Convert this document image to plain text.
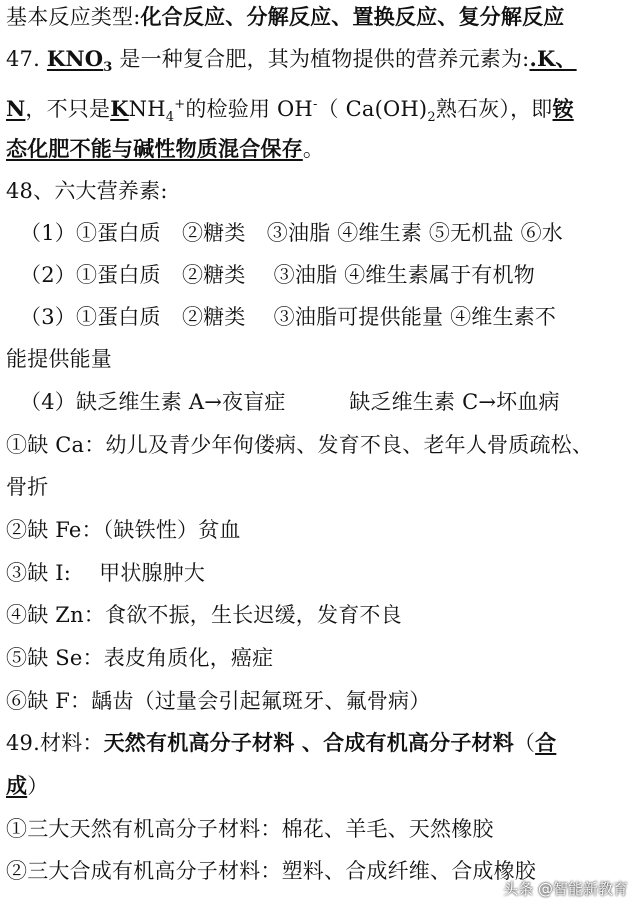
基本反应类型:化合反应、分解反应、置换反应、复分解反应
47. $KNO_3$ 是一种复合肥，其为植物提供的营养元素为:.K、
N，不只是$KNH_4^+$的检验用 OH-（ $Ca(OH)_2$熟石灰），即铵
态化肥不能与碱性物质混合保存。
48、六大营养素:
（1）①蛋白质　②糖类　③油脂 ④维生素 ⑤无机盐 ⑥水
（2）①蛋白质　②糖类　 ③油脂 ④维生素属于有机物
（3）①蛋白质　②糖类　 ③油脂可提供能量 ④维生素不
能提供能量
（4）缺乏维生素 A→夜盲症　　　缺乏维生素 C→坏血病
①缺 Ca：幼儿及青少年佝偻病、发育不良、老年人骨质疏松、
骨折
②缺 Fe：（缺铁性）贫血
③缺 I:　 甲状腺肿大
④缺 Zn：食欲不振，生长迟缓，发育不良
⑤缺 Se：表皮角质化，癌症
⑥缺 F：龋齿（过量会引起氟斑牙、氟骨病）
49.材料：天然有机高分子材料 、合成有机高分子材料（合
成）
①三大天然有机高分子材料：棉花、羊毛、天然橡胶
②三大合成有机高分子材料：塑料、合成纤维、合成橡胶
头条 @智能新教育
